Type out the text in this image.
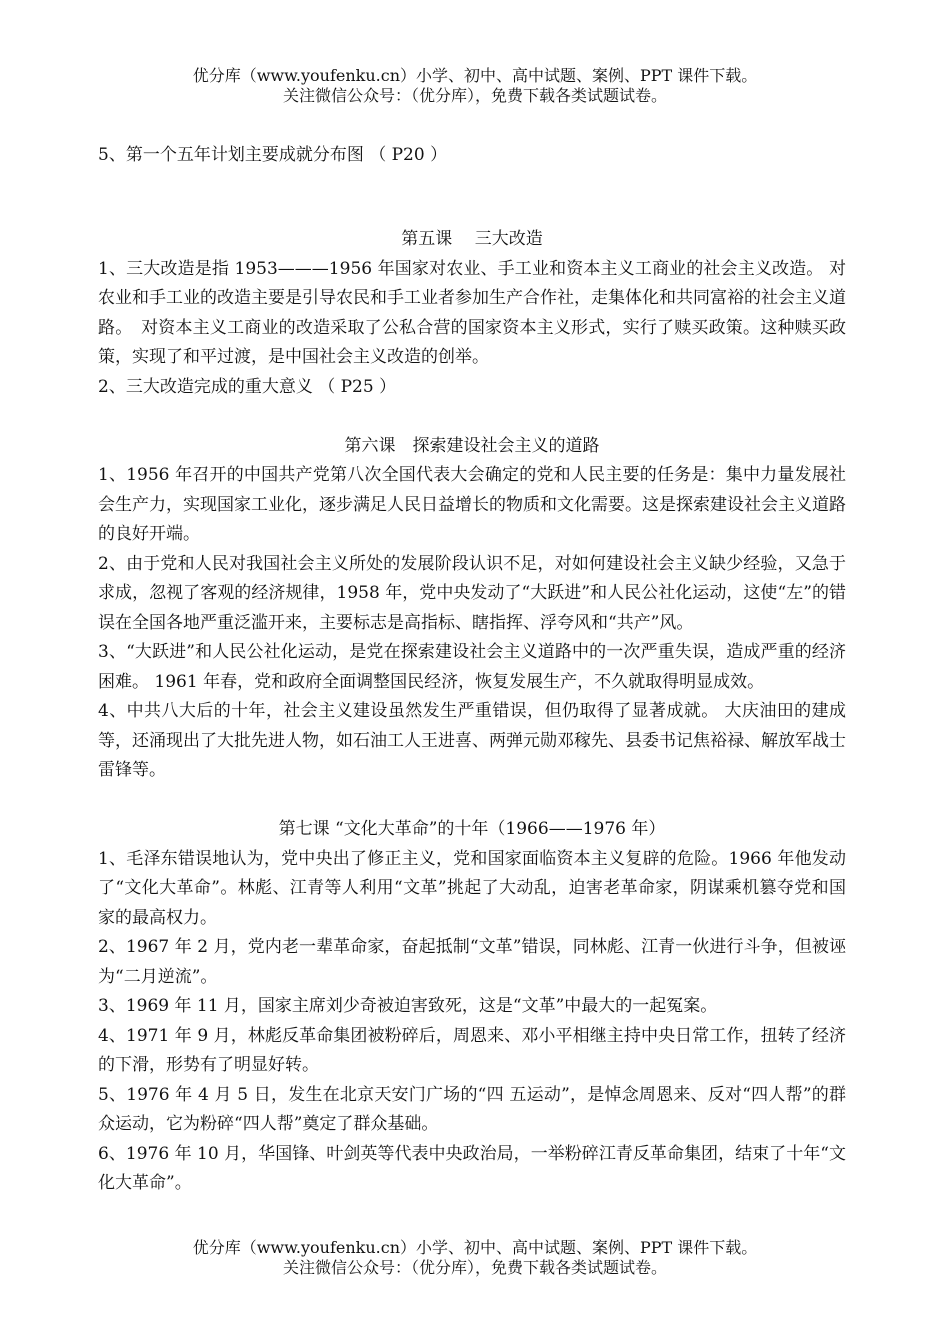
优分库（www.youfenku.cn）小学、初中、高中试题、案例、PPT 课件下载。
关注微信公众号：（优分库），免费下载各类试题试卷。

5、第一个五年计划主要成就分布图 （ P20 ）

第五课　 三大改造

1、三大改造是指 1953———1956 年国家对农业、手工业和资本主义工商业的社会主义改造。 对农业和手工业的改造主要是引导农民和手工业者参加生产合作社，走集体化和共同富裕的社会主义道路。　对资本主义工商业的改造采取了公私合营的国家资本主义形式，实行了赎买政策。这种赎买政策，实现了和平过渡，是中国社会主义改造的创举。

2、三大改造完成的重大意义 （ P25 ）

第六课　探索建设社会主义的道路

1、1956 年召开的中国共产党第八次全国代表大会确定的党和人民主要的任务是：集中力量发展社会生产力，实现国家工业化，逐步满足人民日益增长的物质和文化需要。这是探索建设社会主义道路的良好开端。

2、由于党和人民对我国社会主义所处的发展阶段认识不足，对如何建设社会主义缺少经验，又急于求成，忽视了客观的经济规律，1958 年，党中央发动了“大跃进”和人民公社化运动，这使“左”的错误在全国各地严重泛滥开来，主要标志是高指标、瞎指挥、浮夸风和“共产”风。

3、“大跃进”和人民公社化运动，是党在探索建设社会主义道路中的一次严重失误，造成严重的经济困难。 1961 年春，党和政府全面调整国民经济，恢复发展生产，不久就取得明显成效。

4、中共八大后的十年，社会主义建设虽然发生严重错误，但仍取得了显著成就。 大庆油田的建成等，还涌现出了大批先进人物，如石油工人王进喜、两弹元勋邓稼先、县委书记焦裕禄、解放军战士雷锋等。

第七课 “文化大革命”的十年（1966——1976 年）

1、毛泽东错误地认为，党中央出了修正主义，党和国家面临资本主义复辟的危险。1966 年他发动了“文化大革命”。林彪、江青等人利用“文革”挑起了大动乱，迫害老革命家，阴谋乘机篡夺党和国家的最高权力。

2、1967 年 2 月，党内老一辈革命家，奋起抵制“文革”错误，同林彪、江青一伙进行斗争，但被诬为“二月逆流”。

3、1969 年 11 月，国家主席刘少奇被迫害致死，这是“文革”中最大的一起冤案。

4、1971 年 9 月，林彪反革命集团被粉碎后，周恩来、邓小平相继主持中央日常工作，扭转了经济的下滑，形势有了明显好转。

5、1976 年 4 月 5 日，发生在北京天安门广场的“四 五运动”，是悼念周恩来、反对“四人帮”的群众运动，它为粉碎“四人帮”奠定了群众基础。

6、1976 年 10 月，华国锋、叶剑英等代表中央政治局，一举粉碎江青反革命集团，结束了十年“文化大革命”。

优分库（www.youfenku.cn）小学、初中、高中试题、案例、PPT 课件下载。
关注微信公众号：（优分库），免费下载各类试题试卷。
